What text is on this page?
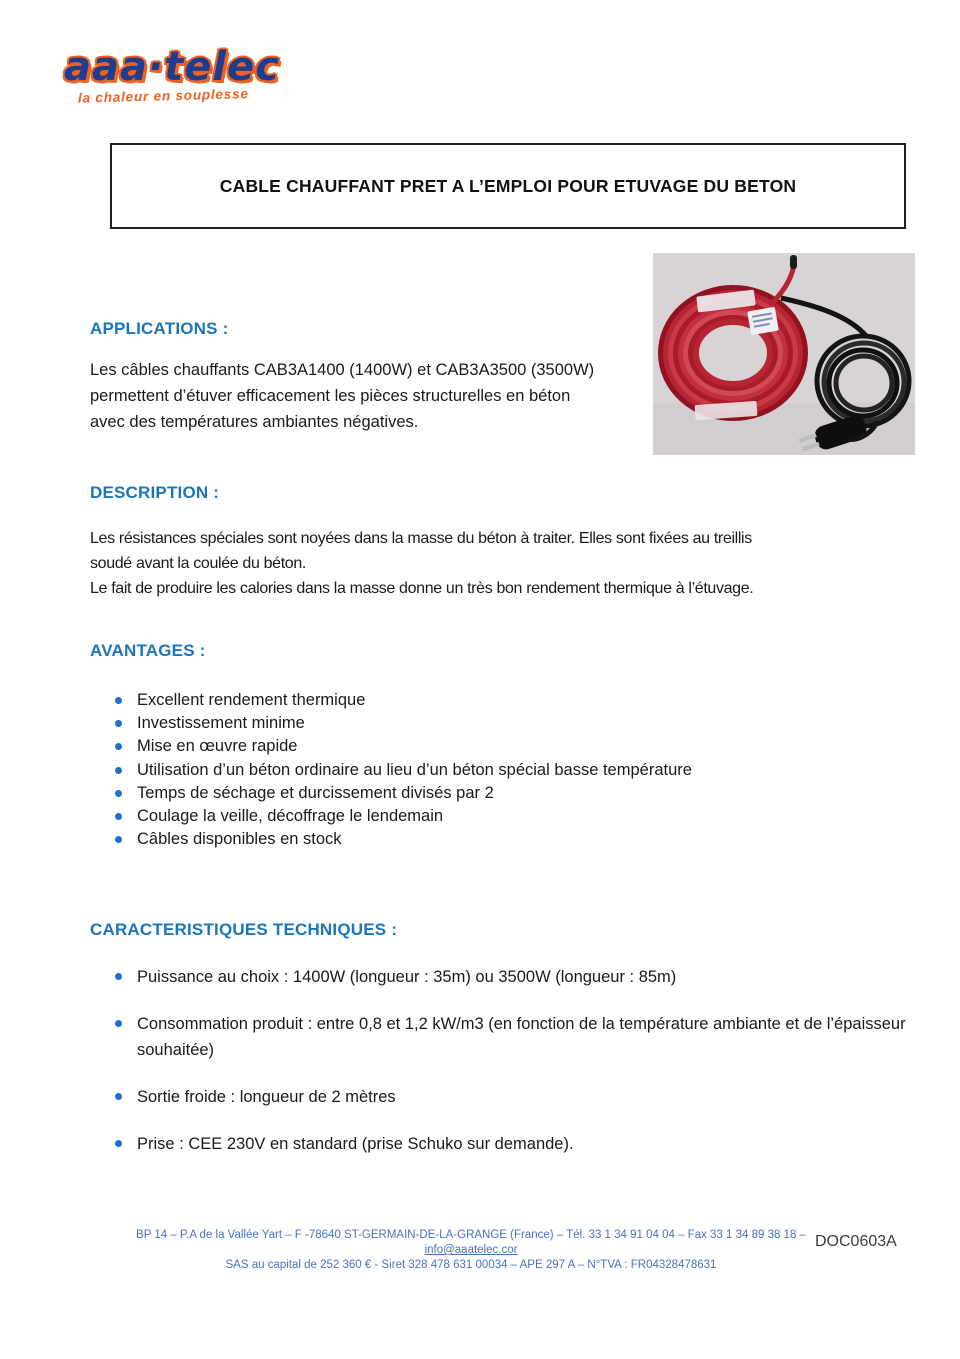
aaa·telec
la chaleur en souplesse
CABLE CHAUFFANT PRET A L’EMPLOI POUR ETUVAGE DU BETON
APPLICATIONS :
Les câbles chauffants CAB3A1400 (1400W) et CAB3A3500 (3500W)
permettent d’étuver efficacement les pièces structurelles en béton
avec des températures ambiantes négatives.
DESCRIPTION :
Les résistances spéciales sont noyées dans la masse du béton à traiter. Elles sont fixées au treillis
soudé avant la coulée du béton.
Le fait de produire les calories dans la masse donne un très bon rendement thermique à l’étuvage.
AVANTAGES :
Excellent rendement thermique
Investissement minime
Mise en œuvre rapide
Utilisation d’un béton ordinaire au lieu d’un béton spécial basse température
Temps de séchage et durcissement divisés par 2
Coulage la veille, décoffrage le lendemain
Câbles disponibles en stock
CARACTERISTIQUES TECHNIQUES :
Puissance au choix : 1400W (longueur : 35m) ou 3500W (longueur : 85m)
Consommation produit : entre 0,8 et 1,2 kW/m3 (en fonction de la température ambiante et de l’épaisseur souhaitée)
Sortie froide : longueur de 2 mètres
Prise : CEE 230V en standard (prise Schuko sur demande).
BP 14 – P.A de la Vallée Yart – F -78640 ST-GERMAIN-DE-LA-GRANGE (France) – Tél. 33 1 34 91 04 04 – Fax 33 1 34 89 38 18 – info@aaatelec.cor
SAS au capital de 252 360 € - Siret 328 478 631 00034 – APE 297 A – N°TVA : FR04328478631
DOC0603A
